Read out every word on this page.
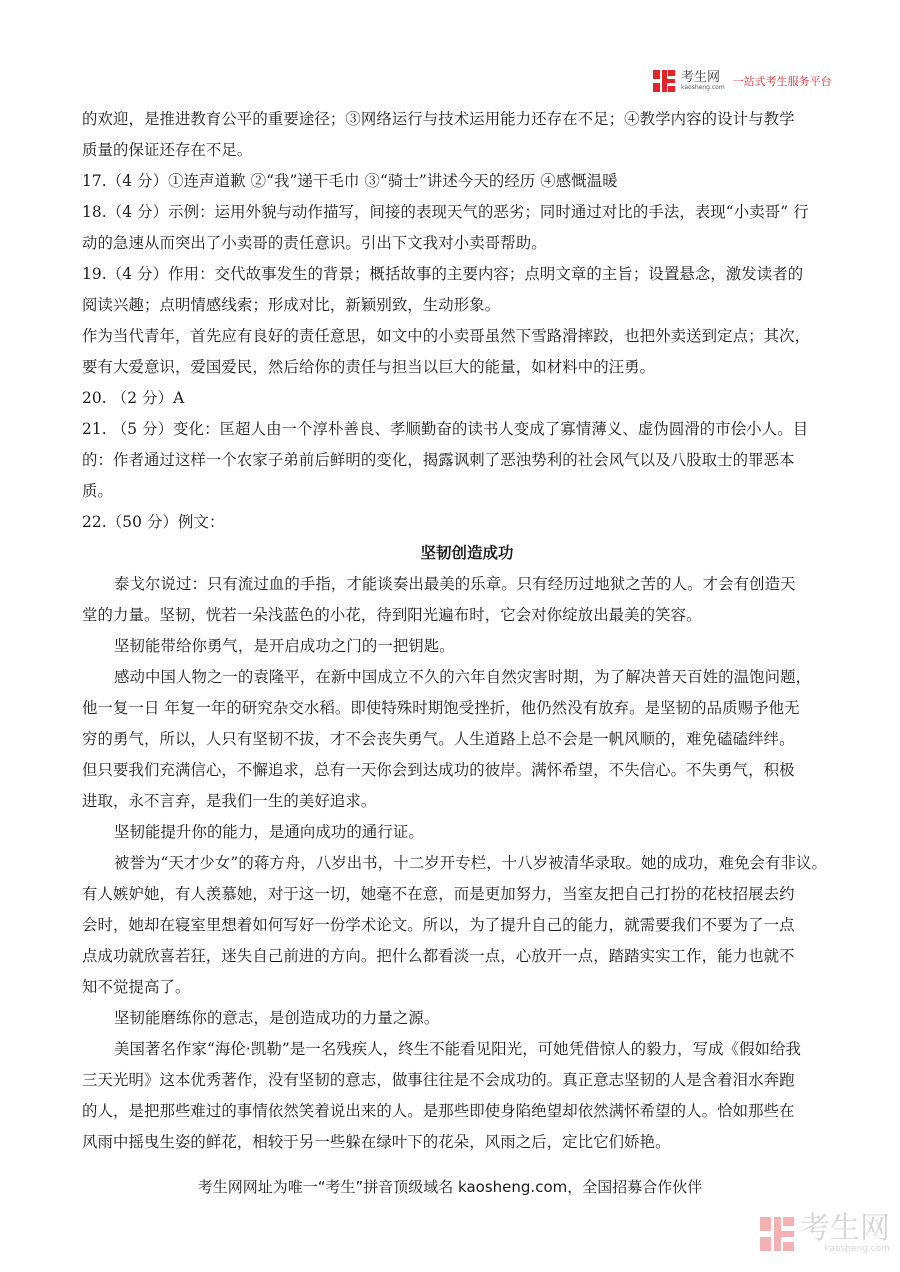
考生网
kaosheng.com 一站式考生服务平台
的欢迎，是推进教育公平的重要途径；③网络运行与技术运用能力还存在不足；④教学内容的设计与教学
质量的保证还存在不足。
17.（4 分）①连声道歉 ②“我”递干毛巾 ③“骑士”讲述今天的经历 ④感慨温暖
18.（4 分）示例：运用外貌与动作描写，间接的表现天气的恶劣；同时通过对比的手法，表现“小卖哥” 行
动的急速从而突出了小卖哥的责任意识。引出下文我对小卖哥帮助。
19.（4 分）作用：交代故事发生的背景；概括故事的主要内容；点明文章的主旨；设置悬念，激发读者的
阅读兴趣；点明情感线索；形成对比，新颖别致，生动形象。
作为当代青年，首先应有良好的责任意思，如文中的小卖哥虽然下雪路滑摔跤，也把外卖送到定点；其次，
要有大爱意识，爱国爱民，然后给你的责任与担当以巨大的能量，如材料中的汪勇。
20. （2 分）A
21. （5 分）变化：匡超人由一个淳朴善良、孝顺勤奋的读书人变成了寡情薄义、虚伪圆滑的市侩小人。目
的：作者通过这样一个农家子弟前后鲜明的变化，揭露讽刺了恶浊势利的社会风气以及八股取士的罪恶本
质。
22.（50 分）例文：
坚韧创造成功
泰戈尔说过：只有流过血的手指，才能谈奏出最美的乐章。只有经历过地狱之苦的人。才会有创造天
堂的力量。坚韧，恍若一朵浅蓝色的小花，待到阳光遍布时，它会对你绽放出最美的笑容。
坚韧能带给你勇气，是开启成功之门的一把钥匙。
感动中国人物之一的袁隆平，在新中国成立不久的六年自然灾害时期，为了解决普天百姓的温饱问题，
他一复一日 年复一年的研究杂交水稻。即使特殊时期饱受挫折，他仍然没有放弃。是坚韧的品质赐予他无
穷的勇气，所以，人只有坚韧不拔，才不会丧失勇气。人生道路上总不会是一帆风顺的，难免磕磕绊绊。
但只要我们充满信心，不懈追求，总有一天你会到达成功的彼岸。满怀希望，不失信心。不失勇气，积极
进取，永不言弃，是我们一生的美好追求。
坚韧能提升你的能力，是通向成功的通行证。
被誉为“天才少女”的蒋方舟，八岁出书，十二岁开专栏，十八岁被清华录取。她的成功，难免会有非议。
有人嫉妒她，有人羡慕她，对于这一切，她毫不在意，而是更加努力，当室友把自己打扮的花枝招展去约
会时，她却在寝室里想着如何写好一份学术论文。所以，为了提升自己的能力，就需要我们不要为了一点
点成功就欣喜若狂，迷失自己前进的方向。把什么都看淡一点，心放开一点，踏踏实实工作，能力也就不
知不觉提高了。
坚韧能磨练你的意志，是创造成功的力量之源。
美国著名作家“海伦·凯勒”是一名残疾人，终生不能看见阳光，可她凭借惊人的毅力，写成《假如给我
三天光明》这本优秀著作，没有坚韧的意志，做事往往是不会成功的。真正意志坚韧的人是含着泪水奔跑
的人，是把那些难过的事情依然笑着说出来的人。是那些即使身陷绝望却依然满怀希望的人。恰如那些在
风雨中摇曳生姿的鲜花，相较于另一些躲在绿叶下的花朵，风雨之后，定比它们娇艳。
考生网网址为唯一“考生”拼音顶级域名 kaosheng.com，全国招募合作伙伴
考生网
kaosheng.com
